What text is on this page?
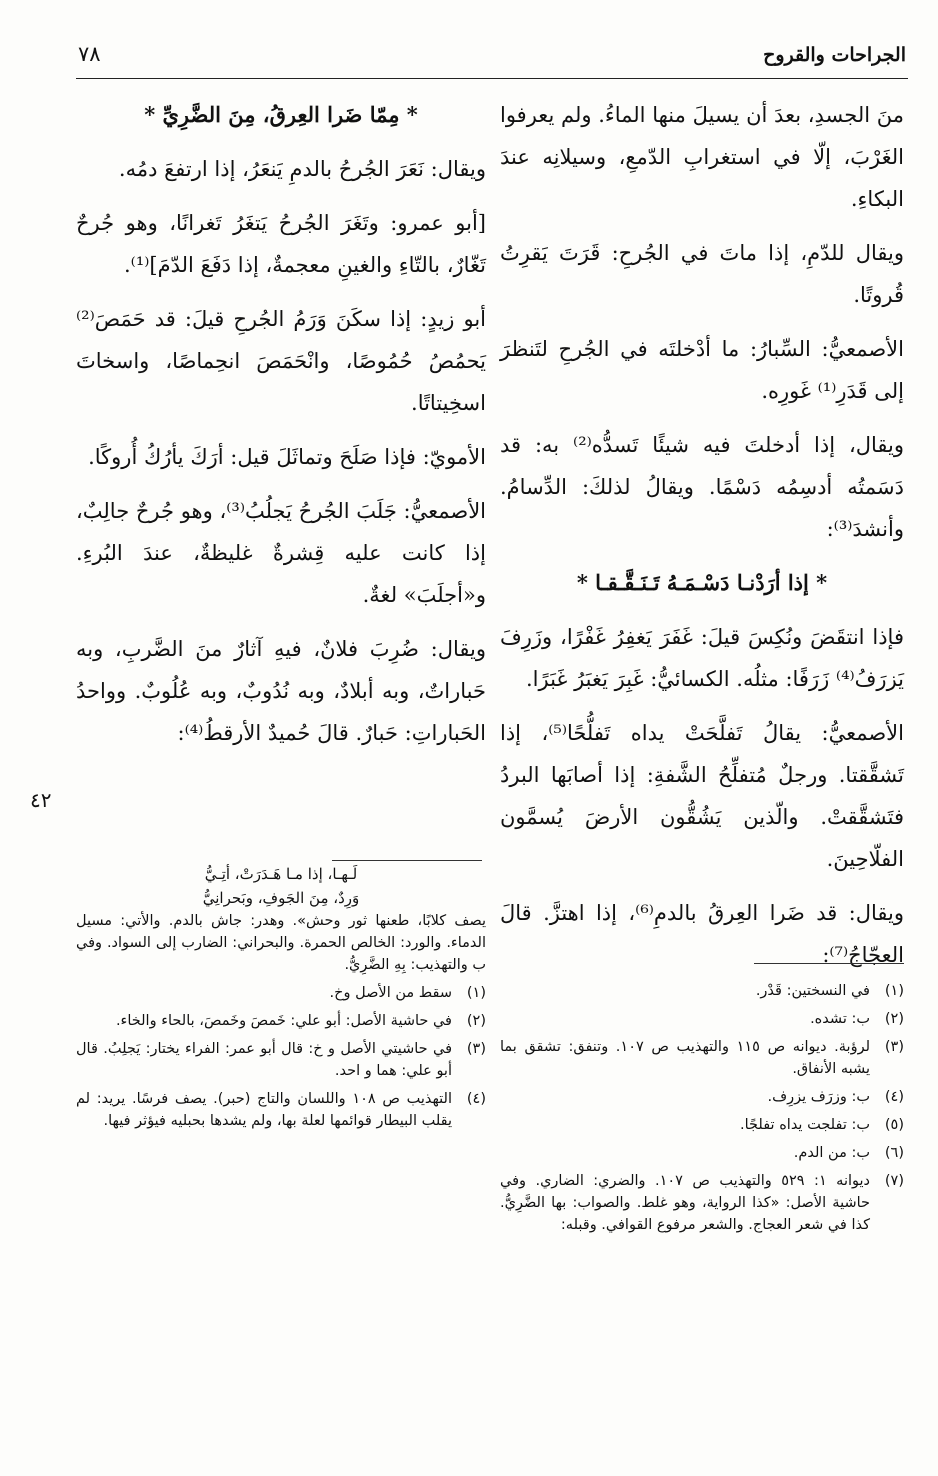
الجراحات والقروح
٧٨

منَ الجسدِ، بعدَ أن يسيلَ منها الماءُ. ولم يعرفوا الغَرْبَ، إلّا في استغرابِ الدّمعِ، وسيلانِه عندَ البكاءِ.

ويقال للدّمِ، إذا ماتَ في الجُرحِ: قَرَتَ يَقرِتُ قُروتًا.

الأصمعيُّ: السِّبارُ: ما أدْخلتَه في الجُرحِ لتَنظرَ إلى قَدَرِ⁽¹⁾ غَورِه.

ويقال، إذا أدخلتَ فيه شيئًا تَسدُّه⁽²⁾ به: قد دَسَمتُه أدسِمُه دَسْمًا. ويقالُ لذلكَ: الدِّسامُ. وأنشدَ⁽³⁾:

* إذا أرَدْنـا دَسْـمَـهُ تَـنَـقَّـقـا *

فإذا انتقَضَ ونُكِسَ قيلَ: غَفَرَ يَغفِرُ غَفْرًا، وزَرِفَ يَزرَفُ⁽⁴⁾ زَرَفًا: مثلُه. الكسائيُّ: غَبِرَ يَغبَرُ غَبَرًا.

الأصمعيُّ: يقالُ تَفلَّحَتْ يداه تَفلُّحًا⁽⁵⁾، إذا تَشقَّقتا. ورجلٌ مُتفلِّحُ الشَّفةِ: إذا أصابَها البردُ فتَشقَّقتْ. والّذين يَشُقُّون الأرضَ يُسمَّون الفلّاحِينَ.

ويقال: قد ضَرا العِرقُ بالدمِ⁽⁶⁾، إذا اهتزَّ. قالَ العجّاجُ⁽⁷⁾:

* مِمّا ضَرا العِرقُ، مِنَ الضَّرِيِّ *

ويقال: نَعَرَ الجُرحُ بالدمِ يَنعَرُ، إذا ارتفعَ دمُه.

[أبو عمرو: وتَغَرَ الجُرحُ يَتغَرُ تَغرانًا، وهو جُرحٌ تَغّارٌ، بالتّاءِ والغينِ معجمةٌ، إذا دَفَعَ الدّمَ]⁽¹⁾.

أبو زيدٍ: إذا سكَنَ وَرَمُ الجُرحِ قيلَ: قد حَمَصَ⁽²⁾ يَحمُصُ حُمُوصًا، وانْحَمَصَ انحِماصًا، واسخاتَ اسخِيتاتًا.

الأمويّ: فإذا صَلَحَ وتماثَلَ قيل: أرَكَ يأرُكُ أُروكًا.

الأصمعيُّ: جَلَبَ الجُرحُ يَجلُبُ⁽³⁾، وهو جُرحٌ جالِبٌ، إذا كانت عليه قِشرةٌ غليظةٌ، عندَ البُرءِ. و«أجلَبَ» لغةٌ.

ويقال: ضُرِبَ فلانٌ، فيهِ آثارٌ منَ الضَّربِ، وبه حَباراتٌ، وبه أبلادٌ، وبه نُدُوبٌ، وبه عُلُوبٌ. وواحدُ الحَباراتِ: حَبارٌ. قالَ حُميدٌ الأرقطُ⁽⁴⁾:

٤٢
(١)
في النسختين: قَدْر.
(٢)
ب: تشده.
(٣)
لرؤبة. ديوانه ص ١١٥ والتهذيب ص ١٠٧. وتنفق: تشقق بما يشبه الأنفاق.
(٤)
ب: وزرَف يزرِف.
(٥)
ب: تفلجت يداه تفلجًا.
(٦)
ب: من الدم.
(٧)
ديوانه ١: ٥٢٩ والتهذيب ص ١٠٧. والضري: الضاري. وفي حاشية الأصل: «كذا الرواية، وهو غلط. والصواب: بها الضَّرِيُّ. كذا في شعر العجاج. والشعر مرفوع القوافي. وقبله:
لَـهـا، إذا مـا هَـدَرَتْ، أتِـيُّ
وَرِدٌ، مِنَ الجَوفِ، وبَحرانِيُّ
يصف كلابًا، طعنها ثور وحش». وهدر: جاش بالدم. والأتي: مسيل الدماء. والورد: الخالص الحمرة. والبحراني: الضارب إلى السواد. وفي ب والتهذيب: بِهِ الضَّرِيُّ.
(١)
سقط من الأصل وخ.
(٢)
في حاشية الأصل: أبو علي: خَمصَ وخَمصَ، بالحاء والخاء.
(٣)
في حاشيتي الأصل و خ: قال أبو عمر: الفراء يختار: يَجلِبُ. قال أبو علي: هما و احد.
(٤)
التهذيب ص ١٠٨ واللسان والتاج (حبر). يصف فرسًا. يريد: لم يقلب البيطار قوائمها لعلة بها، ولم يشدها بحبليه فيؤثر فيها.
